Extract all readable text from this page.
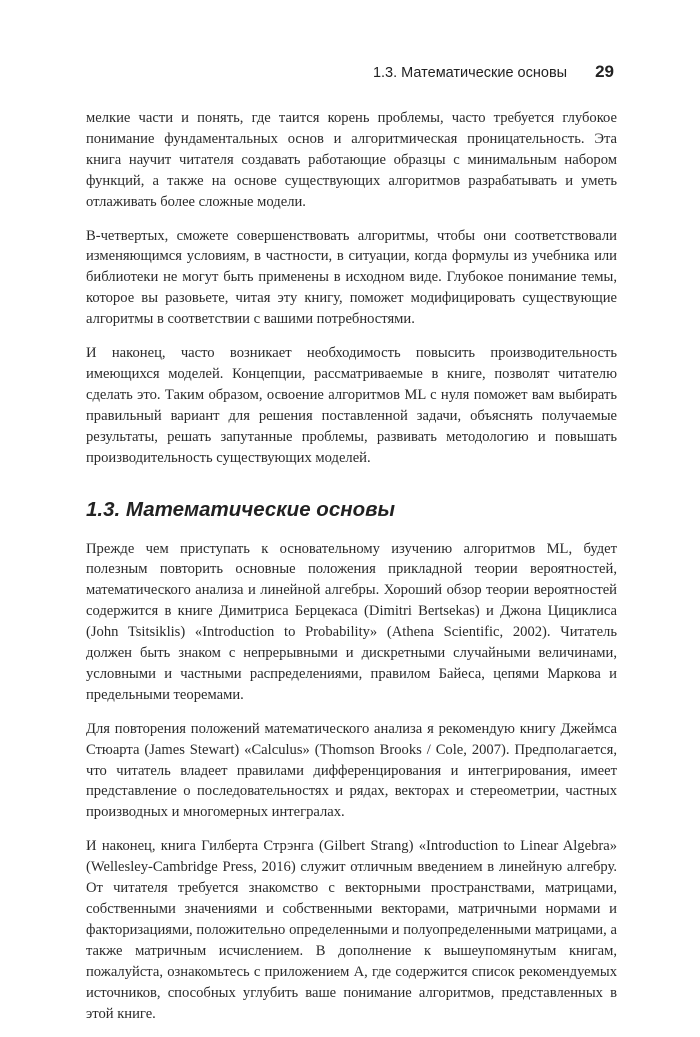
1.3. Математические основы 29

мелкие части и понять, где таится корень проблемы, часто требуется глубокое понимание фундаментальных основ и алгоритмическая проницательность. Эта книга научит читателя создавать работающие образцы с минимальным набором функций, а также на основе существующих алгоритмов разрабатывать и уметь отлаживать более сложные модели.

В-четвертых, сможете совершенствовать алгоритмы, чтобы они соответствовали изменяющимся условиям, в частности, в ситуации, когда формулы из учебника или библиотеки не могут быть применены в исходном виде. Глубокое понимание темы, которое вы разовьете, читая эту книгу, поможет модифицировать существующие алгоритмы в соответствии с вашими потребностями.

И наконец, часто возникает необходимость повысить производительность имеющихся моделей. Концепции, рассматриваемые в книге, позволят читателю сделать это. Таким образом, освоение алгоритмов ML с нуля поможет вам выбирать правильный вариант для решения поставленной задачи, объяснять получаемые результаты, решать запутанные проблемы, развивать методологию и повышать производительность существующих моделей.

1.3. Математические основы

Прежде чем приступать к основательному изучению алгоритмов ML, будет полезным повторить основные положения прикладной теории вероятностей, математического анализа и линейной алгебры. Хороший обзор теории вероятностей содержится в книге Димитриса Берцекаса (Dimitri Bertsekas) и Джона Цициклиса (John Tsitsiklis) «Introduction to Probability» (Athena Scientific, 2002). Читатель должен быть знаком с непрерывными и дискретными случайными величинами, условными и частными распределениями, правилом Байеса, цепями Маркова и предельными теоремами.

Для повторения положений математического анализа я рекомендую книгу Джеймса Стюарта (James Stewart) «Calculus» (Thomson Brooks / Cole, 2007). Предполагается, что читатель владеет правилами дифференцирования и интегрирования, имеет представление о последовательностях и рядах, векторах и стереометрии, частных производных и многомерных интегралах.

И наконец, книга Гилберта Стрэнга (Gilbert Strang) «Introduction to Linear Algebra» (Wellesley-Cambridge Press, 2016) служит отличным введением в линейную алгебру. От читателя требуется знакомство с векторными пространствами, матрицами, собственными значениями и собственными векторами, матричными нормами и факторизациями, положительно определенными и полуопределенными матрицами, а также матричным исчислением. В дополнение к вышеупомянутым книгам, пожалуйста, ознакомьтесь с приложением A, где содержится список рекомендуемых источников, способных углубить ваше понимание алгоритмов, представленных в этой книге.
